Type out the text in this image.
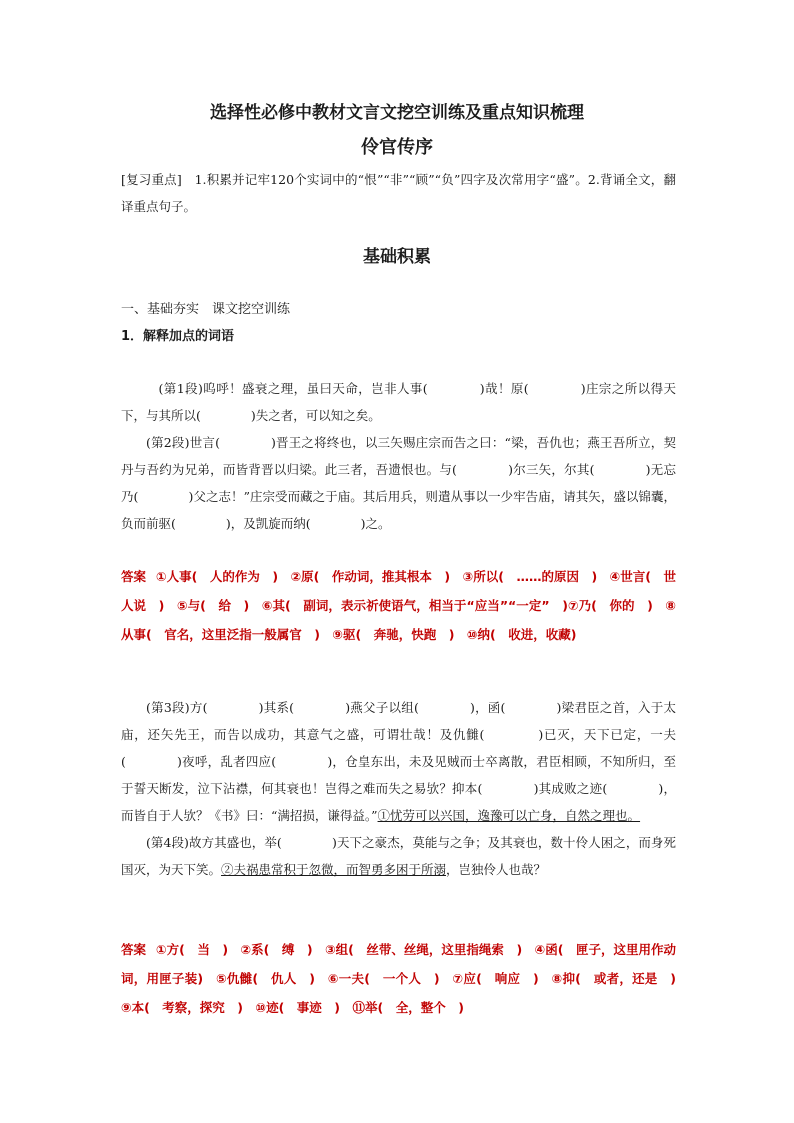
选择性必修中教材文言文挖空训练及重点知识梳理
伶官传序

[复习重点]　1.积累并记牢120个实词中的“恨”“非”“顾”“负”四字及次常用字“盛”。2.背诵全文，翻译重点句子。

基础积累

一、基础夯实　课文挖空训练

1．解释加点的词语

(第1段)呜呼！盛衰之理，虽曰天命，岂非人事(　　　　)哉！原(　　　　)庄宗之所以得天下，与其所以(　　　　)失之者，可以知之矣。

(第2段)世言(　　　　)晋王之将终也，以三矢赐庄宗而告之曰：“梁，吾仇也；燕王吾所立，契丹与吾约为兄弟，而皆背晋以归梁。此三者，吾遗恨也。与(　　　　)尔三矢，尔其(　　　　)无忘乃(　　　　)父之志！”庄宗受而藏之于庙。其后用兵，则遣从事以一少牢告庙，请其矢，盛以锦囊，负而前驱(　　　　)，及凯旋而纳(　　　　)之。

答案 ①人事(　人的作为　)　②原(　作动词，推其根本　)　③所以(　……的原因　)　④世言(　世人说　)　⑤与(　给　)　⑥其(　副词，表示祈使语气，相当于“应当”“一定”　)⑦乃(　你的　)　⑧从事(　官名，这里泛指一般属官　)　⑨驱(　奔驰，快跑　)　⑩纳(　收进，收藏)

(第3段)方(　　　　)其系(　　　　)燕父子以组(　　　　)，函(　　　　)梁君臣之首，入于太庙，还矢先王，而告以成功，其意气之盛，可谓壮哉！及仇雠(　　　　)已灭，天下已定，一夫(　　　　)夜呼，乱者四应(　　　　)，仓皇东出，未及见贼而士卒离散，君臣相顾，不知所归，至于誓天断发，泣下沾襟，何其衰也！岂得之难而失之易欤？抑本(　　　　)其成败之迹(　　　　)，而皆自于人欤？《书》曰：“满招损，谦得益。”①忧劳可以兴国，逸豫可以亡身，自然之理也。

(第4段)故方其盛也，举(　　　　)天下之豪杰，莫能与之争；及其衰也，数十伶人困之，而身死国灭，为天下笑。②夫祸患常积于忽微，而智勇多困于所溺，岂独伶人也哉？

答案 ①方(　当　)　②系(　缚　)　③组(　丝带、丝绳，这里指绳索　)　④函(　匣子，这里用作动词，用匣子装)　⑤仇雠(　仇人　)　⑥一夫(　一个人　)　⑦应(　响应　)　⑧抑(　或者，还是　)　⑨本(　考察，探究　)　⑩迹(　事迹　)　⑪举(　全，整个　)
